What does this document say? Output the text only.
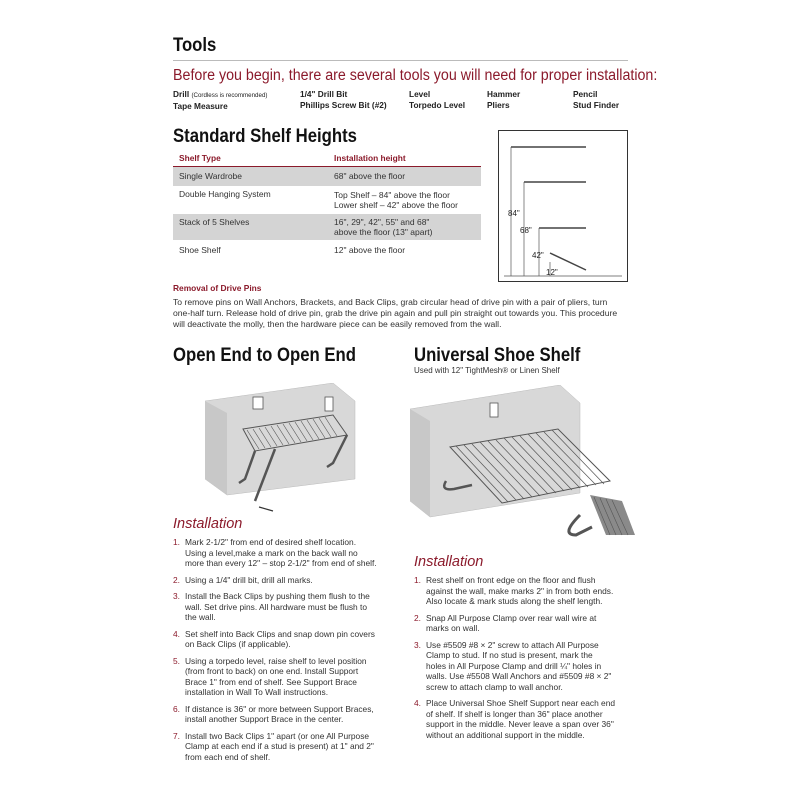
Tools
Before you begin, there are several tools you will need for proper installation:
Drill (Cordless is recommended)
Tape Measure
1/4" Drill Bit
Phillips Screw Bit (#2)
Level
Torpedo Level
Hammer
Pliers
Pencil
Stud Finder
Standard Shelf Heights
Shelf Type	Installation height
Single Wardrobe	68" above the floor
Double Hanging System	Top Shelf – 84" above the floor
Lower shelf – 42" above the floor

Stack of 5 Shelves	16", 29", 42", 55" and 68"
above the floor (13" apart)

Shoe Shelf	12" above the floor
84"
68"
42"
12"
Removal of Drive Pins
To remove pins on Wall Anchors, Brackets, and Back Clips, grab circular head of drive pin with a pair of pliers, turn
one-half turn. Release hold of drive pin, grab the drive pin again and pull pin straight out towards you. This procedure
will deactivate the molly, then the hardware piece can be easily removed from the wall.
Open End to Open End
Installation
1. Mark 2-1/2" from end of desired shelf location.
Using a level,make a mark on the back wall no
more than every 12" – stop 2-1/2" from end of shelf.
2. Using a 1/4" drill bit, drill all marks.
3. Install the Back Clips by pushing them flush to the
wall. Set drive pins. All hardware must be flush to
the wall.
4. Set shelf into Back Clips and snap down pin covers
on Back Clips (if applicable).
5. Using a torpedo level, raise shelf to level position
(from front to back) on one end. Install Support
Brace 1" from end of shelf. See Support Brace
installation in Wall To Wall instructions.
6. If distance is 36" or more between Support Braces,
install another Support Brace in the center.
7. Install two Back Clips 1" apart (or one All Purpose
Clamp at each end if a stud is present) at 1" and 2"
from each end of shelf.
Universal Shoe Shelf
Used with 12" TightMesh® or Linen Shelf
Installation
1. Rest shelf on front edge on the floor and flush
against the wall, make marks 2" in from both ends.
Also locate & mark studs along the shelf length.
2. Snap All Purpose Clamp over rear wall wire at
marks on wall.
3. Use #5509 #8 × 2" screw to attach All Purpose
Clamp to stud. If no stud is present, mark the
holes in All Purpose Clamp and drill ¼" holes in
walls. Use #5508 Wall Anchors and #5509 #8 × 2"
screw to attach clamp to wall anchor.
4. Place Universal Shoe Shelf Support near each end
of shelf. If shelf is longer than 36" place another
support in the middle. Never leave a span over 36"
without an additional support in the middle.
